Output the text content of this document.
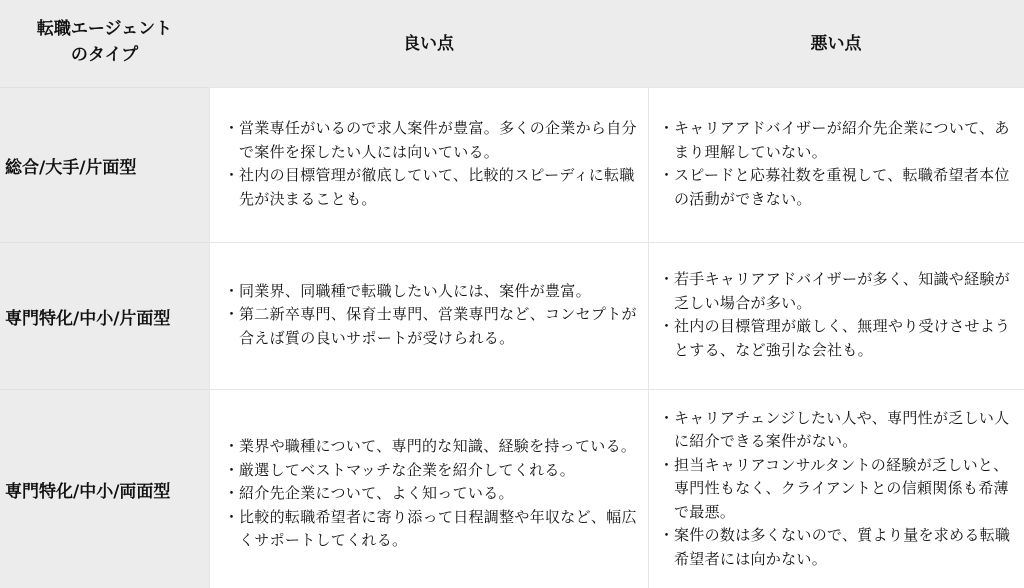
転職エージェント
のタイプ
良い点	悪い点
総合/大手/片面型
・ 営業専任がいるので求人案件が豊富。多くの企業から自分で案件を探したい人には向いている。
・ 社内の目標管理が徹底していて、比較的スピーディに転職先が決まることも。
・ キャリアアドバイザーが紹介先企業について、あまり理解していない。
・ スピードと応募社数を重視して、転職希望者本位の活動ができない。
専門特化/中小/片面型
・ 同業界、同職種で転職したい人には、案件が豊富。
・ 第二新卒専門、保育士専門、営業専門など、コンセプトが合えば質の良いサポートが受けられる。
・ 若手キャリアアドバイザーが多く、知識や経験が乏しい場合が多い。
・ 社内の目標管理が厳しく、無理やり受けさせようとする、など強引な会社も。
専門特化/中小/両面型
・ 業界や職種について、専門的な知識、経験を持っている。
・ 厳選してベストマッチな企業を紹介してくれる。
・ 紹介先企業について、よく知っている。
・ 比較的転職希望者に寄り添って日程調整や年収など、幅広くサポートしてくれる。
・ キャリアチェンジしたい人や、専門性が乏しい人に紹介できる案件がない。
・ 担当キャリアコンサルタントの経験が乏しいと、専門性もなく、クライアントとの信頼関係も希薄で最悪。
・ 案件の数は多くないので、質より量を求める転職希望者には向かない。
